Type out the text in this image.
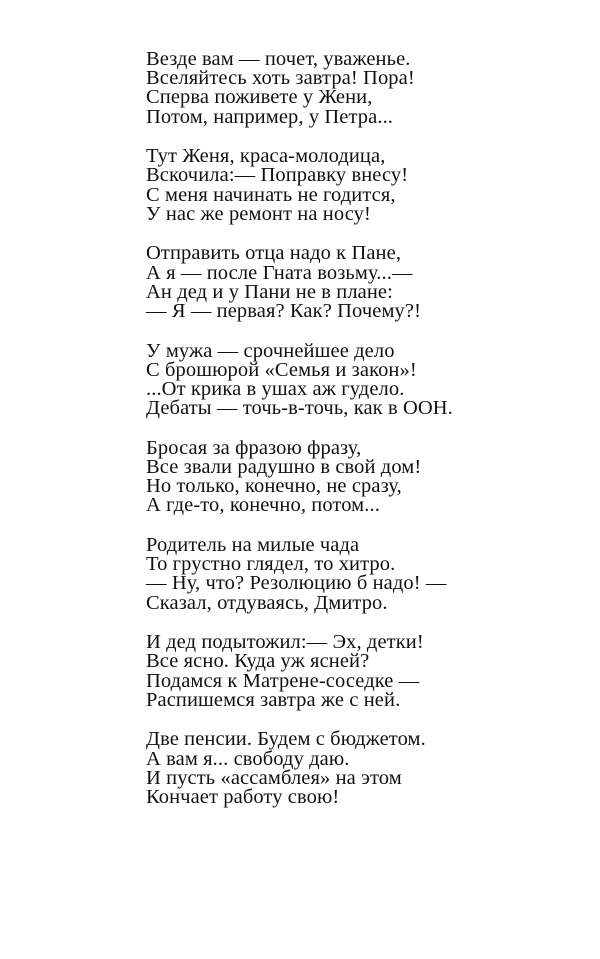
Везде вам — почет, уваженье.
Вселяйтесь хоть завтра! Пора!
Сперва поживете у Жени,
Потом, например, у Петра...
Тут Женя, краса-молодица,
Вскочила:— Поправку внесу!
С меня начинать не годится,
У нас же ремонт на носу!
Отправить отца надо к Пане,
А я — после Гната возьму...—
Ан дед и у Пани не в плане:
— Я — первая? Как? Почему?!
У мужа — срочнейшее дело
С брошюрой «Семья и закон»!
...От крика в ушах аж гудело.
Дебаты — точь-в-точь, как в ООН.
Бросая за фразою фразу,
Все звали радушно в свой дом!
Но только, конечно, не сразу,
А где-то, конечно, потом...
Родитель на милые чада
То грустно глядел, то хитро.
— Ну, что? Резолюцию б надо! —
Сказал, отдуваясь, Дмитро.
И дед подытожил:— Эх, детки!
Все ясно. Куда уж ясней?
Подамся к Матрене-соседке —
Распишемся завтра же с ней.
Две пенсии. Будем с бюджетом.
А вам я... свободу даю.
И пусть «ассамблея» на этом
Кончает работу свою!
